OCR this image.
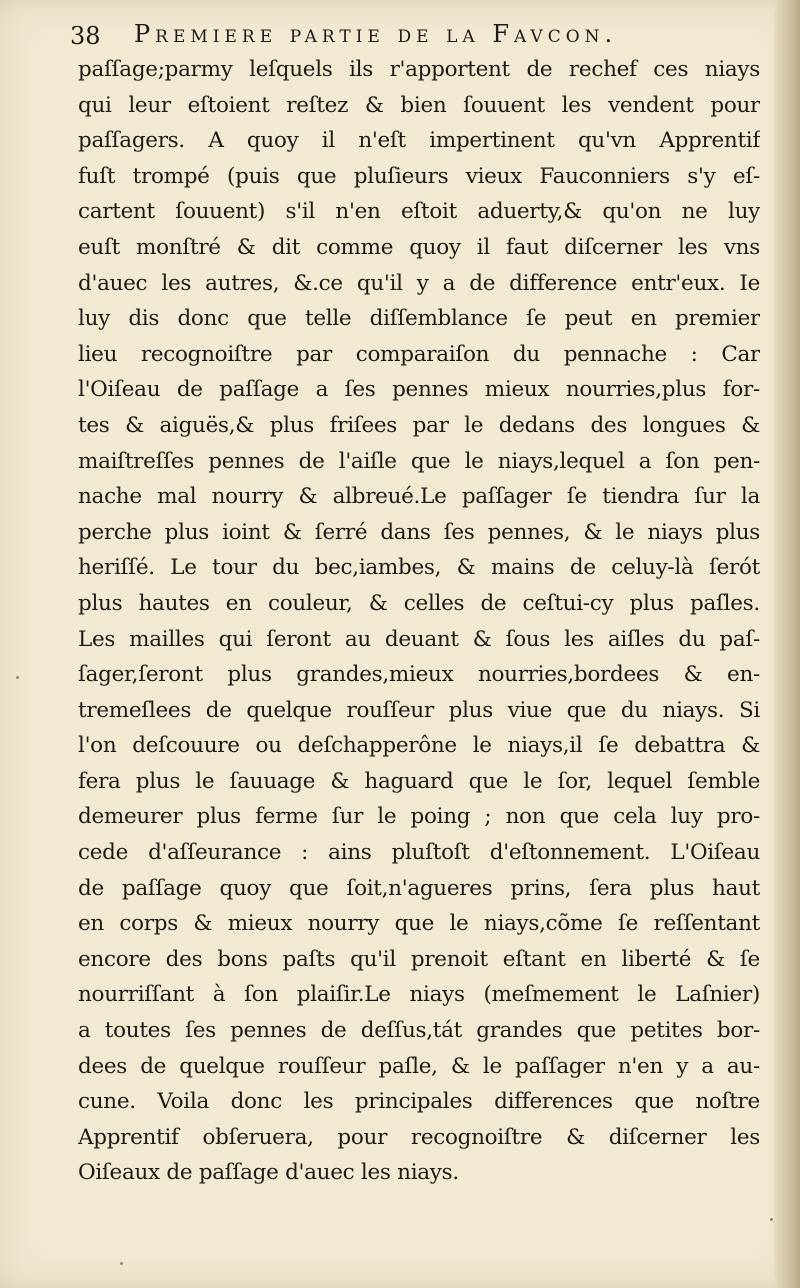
38 Premiere partie de la Favcon.
paſſage;parmy leſquels ils r'apportent de rechef ces niays
qui leur eſtoient reſtez & bien ſouuent les vendent pour
paſſagers. A quoy il n'eſt impertinent qu'vn Apprentif
fuſt trompé (puis que pluſieurs vieux Fauconniers s'y eſ-
cartent ſouuent) s'il n'en eſtoit aduerty,& qu'on ne luy
euſt monſtré & dit comme quoy il faut diſcerner les vns
d'auec les autres, &.ce qu'il y a de difference entr'eux. Ie
luy dis donc que telle diſſemblance ſe peut en premier
lieu recognoiſtre par comparaiſon du pennache : Car
l'Oiſeau de paſſage a ſes pennes mieux nourries,plus for-
tes & aiguës,& plus friſees par le dedans des longues &
maiſtreſſes pennes de l'aiſle que le niays,lequel a ſon pen-
nache mal nourry & albreué.Le paſſager ſe tiendra ſur la
perche plus ioint & ſerré dans ſes pennes, & le niays plus
heriſſé. Le tour du bec,iambes, & mains de celuy-là ſerót
plus hautes en couleur, & celles de ceſtui-cy plus paſles.
Les mailles qui ſeront au deuant & ſous les aiſles du paſ-
ſager,ſeront plus grandes,mieux nourries,bordees & en-
tremeſlees de quelque rouſſeur plus viue que du niays. Si
l'on deſcouure ou deſchapperône le niays,il ſe debattra &
fera plus le ſauuage & haguard que le ſor, lequel ſemble
demeurer plus ferme ſur le poing ; non que cela luy pro-
cede d'aſſeurance : ains pluſtoſt d'eſtonnement. L'Oiſeau
de paſſage quoy que ſoit,n'agueres prins, ſera plus haut
en corps & mieux nourry que le niays,cõme ſe reſſentant
encore des bons paſts qu'il prenoit eſtant en liberté & ſe
nourriſſant à ſon plaiſir.Le niays (meſmement le Laſnier)
a toutes ſes pennes de deſſus,tát grandes que petites bor-
dees de quelque rouſſeur paſle, & le paſſager n'en y a au-
cune. Voila donc les principales differences que noſtre
Apprentif obſeruera, pour recognoiſtre & diſcerner les
Oiſeaux de paſſage d'auec les niays.
